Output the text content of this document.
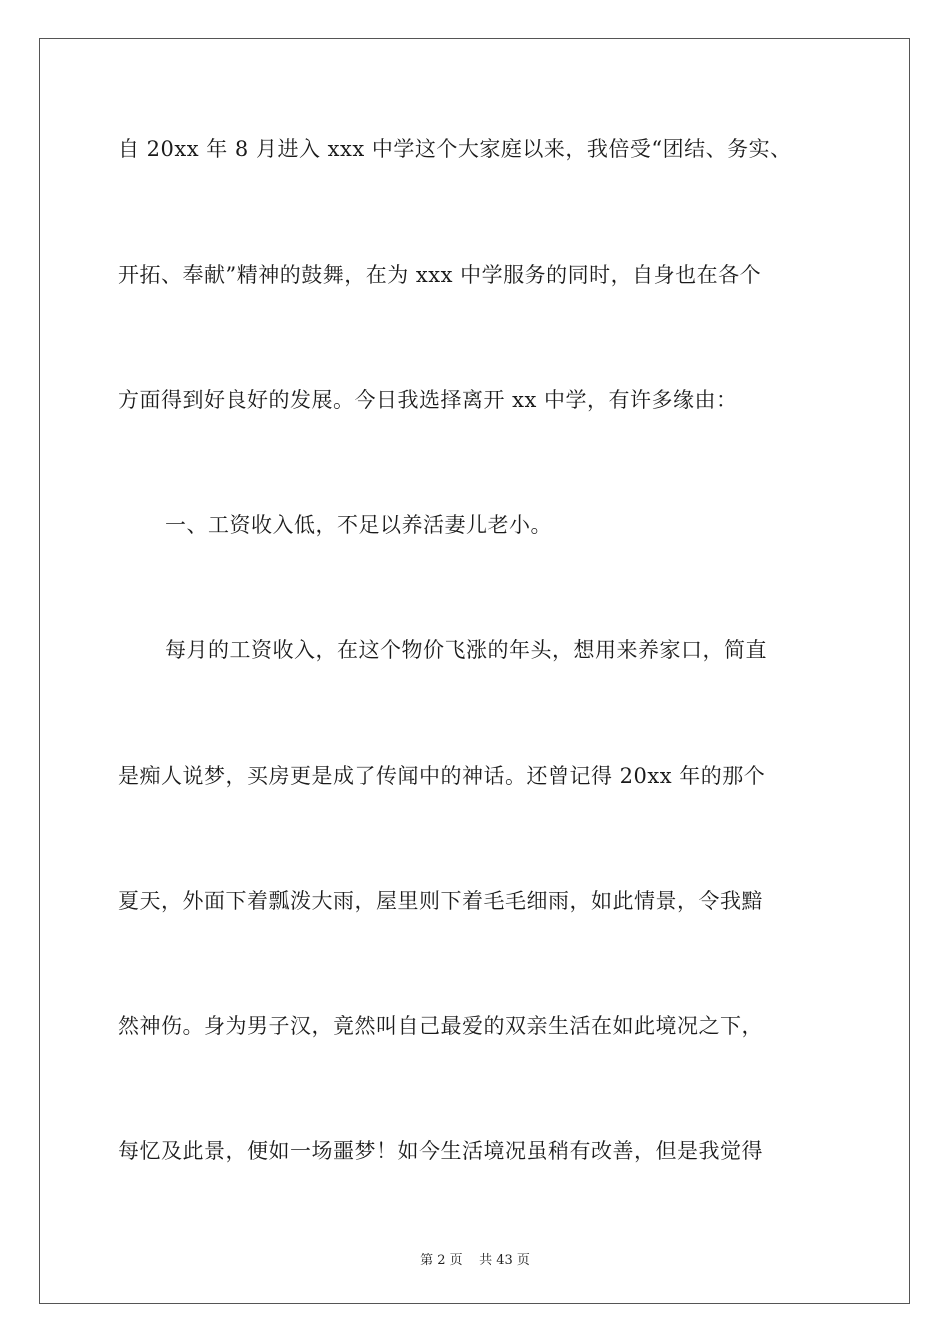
自 20xx 年 8 月进入 xxx 中学这个大家庭以来，我倍受“团结、务实、
开拓、奉献”精神的鼓舞，在为 xxx 中学服务的同时，自身也在各个
方面得到好良好的发展。今日我选择离开 xx 中学，有许多缘由：
一、工资收入低，不足以养活妻儿老小。
每月的工资收入，在这个物价飞涨的年头，想用来养家口，简直
是痴人说梦，买房更是成了传闻中的神话。还曾记得 20xx 年的那个
夏天，外面下着瓢泼大雨，屋里则下着毛毛细雨，如此情景，令我黯
然神伤。身为男子汉，竟然叫自己最爱的双亲生活在如此境况之下，
每忆及此景，便如一场噩梦！如今生活境况虽稍有改善，但是我觉得
第 2 页    共 43 页
